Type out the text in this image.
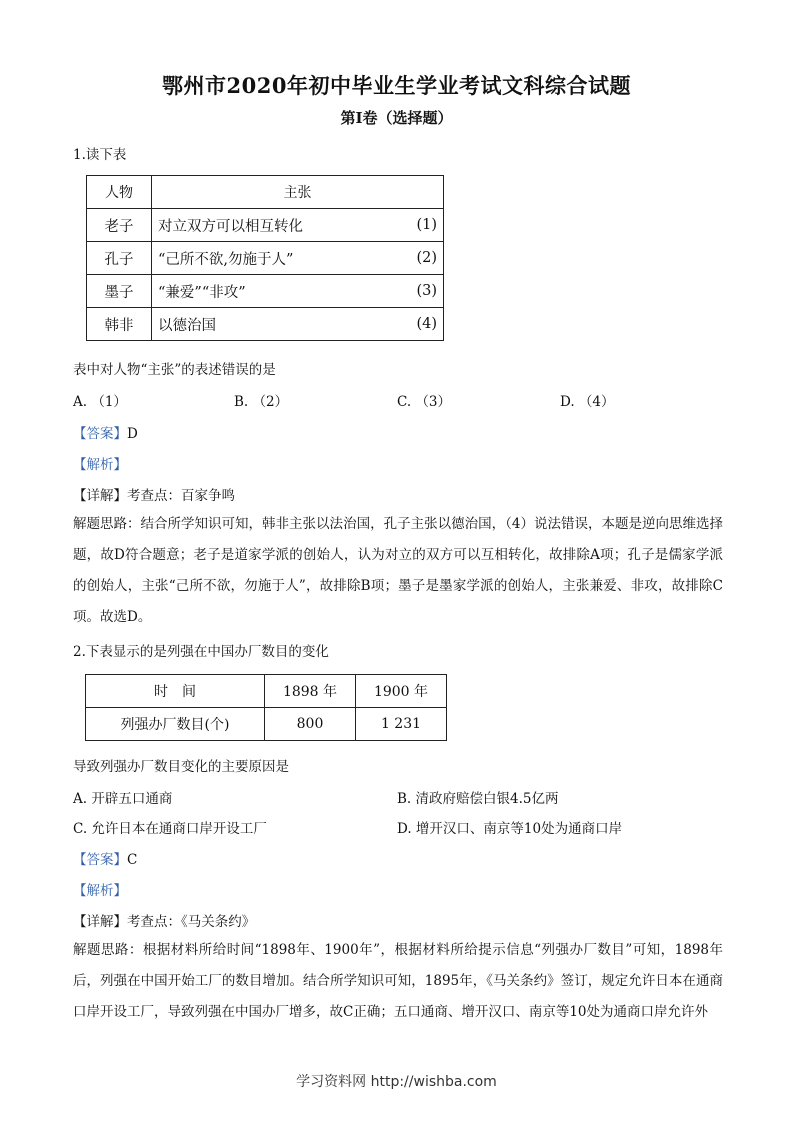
鄂州市2020年初中毕业生学业考试文科综合试题
第Ⅰ卷（选择题）
1.读下表
人物	主张	
老子	对立双方可以相互转化	(1)
孔子	“己所不欲,勿施于人”	(2)
墨子	“兼爱”“非攻”	(3)
韩非	以德治国	(4)
表中对人物“主张”的表述错误的是
A. （1）	B. （2）	C. （3）	D. （4）
【答案】D
【解析】
【详解】考查点：百家争鸣
解题思路：结合所学知识可知，韩非主张以法治国，孔子主张以德治国，（4）说法错误，本题是逆向思维选择题，故D符合题意；老子是道家学派的创始人，认为对立的双方可以互相转化，故排除A项；孔子是儒家学派的创始人，主张“己所不欲，勿施于人”，故排除B项；墨子是墨家学派的创始人，主张兼爱、非攻，故排除C项。故选D。
2.下表显示的是列强在中国办厂数目的变化
时　间	1898 年	1900 年
列强办厂数目(个)	800	1 231
导致列强办厂数目变化的主要原因是
A. 开辟五口通商	B. 清政府赔偿白银4.5亿两
C. 允许日本在通商口岸开设工厂	D. 增开汉口、南京等10处为通商口岸
【答案】C
【解析】
【详解】考查点：《马关条约》
解题思路：根据材料所给时间“1898年、1900年”，根据材料所给提示信息“列强办厂数目”可知，1898年后，列强在中国开始工厂的数目增加。结合所学知识可知，1895年，《马关条约》签订，规定允许日本在通商口岸开设工厂，导致列强在中国办厂增多，故C正确；五口通商、增开汉口、南京等10处为通商口岸允许外
学习资料网 http://wishba.com
